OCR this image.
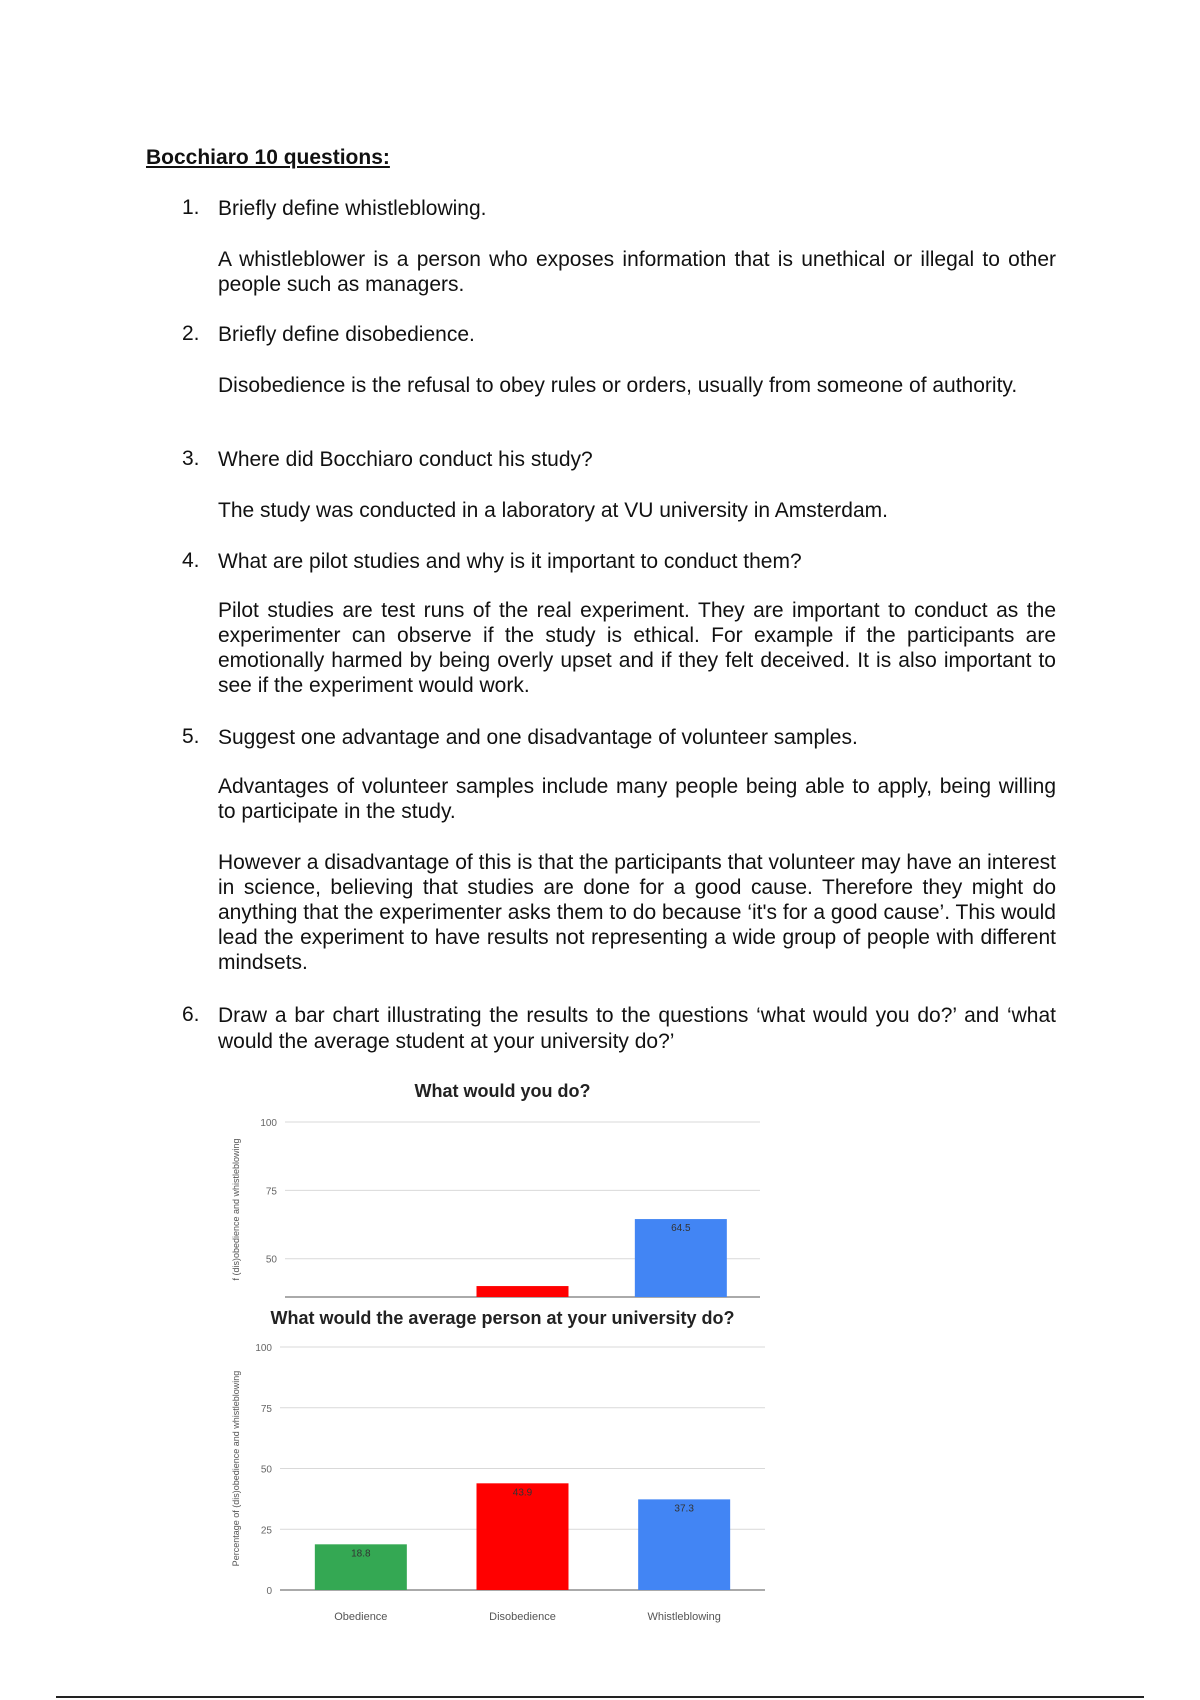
Bocchiaro 10 questions:
1. Briefly define whistleblowing.

A whistleblower is a person who exposes information that is unethical or illegal to other people such as managers.

2. Briefly define disobedience.

Disobedience is the refusal to obey rules or orders, usually from someone of authority.

3. Where did Bocchiaro conduct his study?

The study was conducted in a laboratory at VU university in Amsterdam.

4. What are pilot studies and why is it important to conduct them?

Pilot studies are test runs of the real experiment. They are important to conduct as the experimenter can observe if the study is ethical. For example if the participants are emotionally harmed by being overly upset and if they felt deceived. It is also important to see if the experiment would work.

5. Suggest one advantage and one disadvantage of volunteer samples.

Advantages of volunteer samples include many people being able to apply, being willing to participate in the study.

However a disadvantage of this is that the participants that volunteer may have an interest in science, believing that studies are done for a good cause. Therefore they might do anything that the experimenter asks them to do because ‘it's for a good cause’. This would lead the experiment to have results not representing a wide group of people with different mindsets.

6. Draw a bar chart illustrating the results to the questions ‘what would you do?’ and ‘what would the average student at your university do?’

What would you do?
50
75
100
f (dis)obedience and whistleblowing	64.5
What would the average person at your university do?
0
25
50
75
100
Percentage of (dis)obedience and whistleblowing	18.8
Obedience
43.9
Disobedience
37.3
Whistleblowing
